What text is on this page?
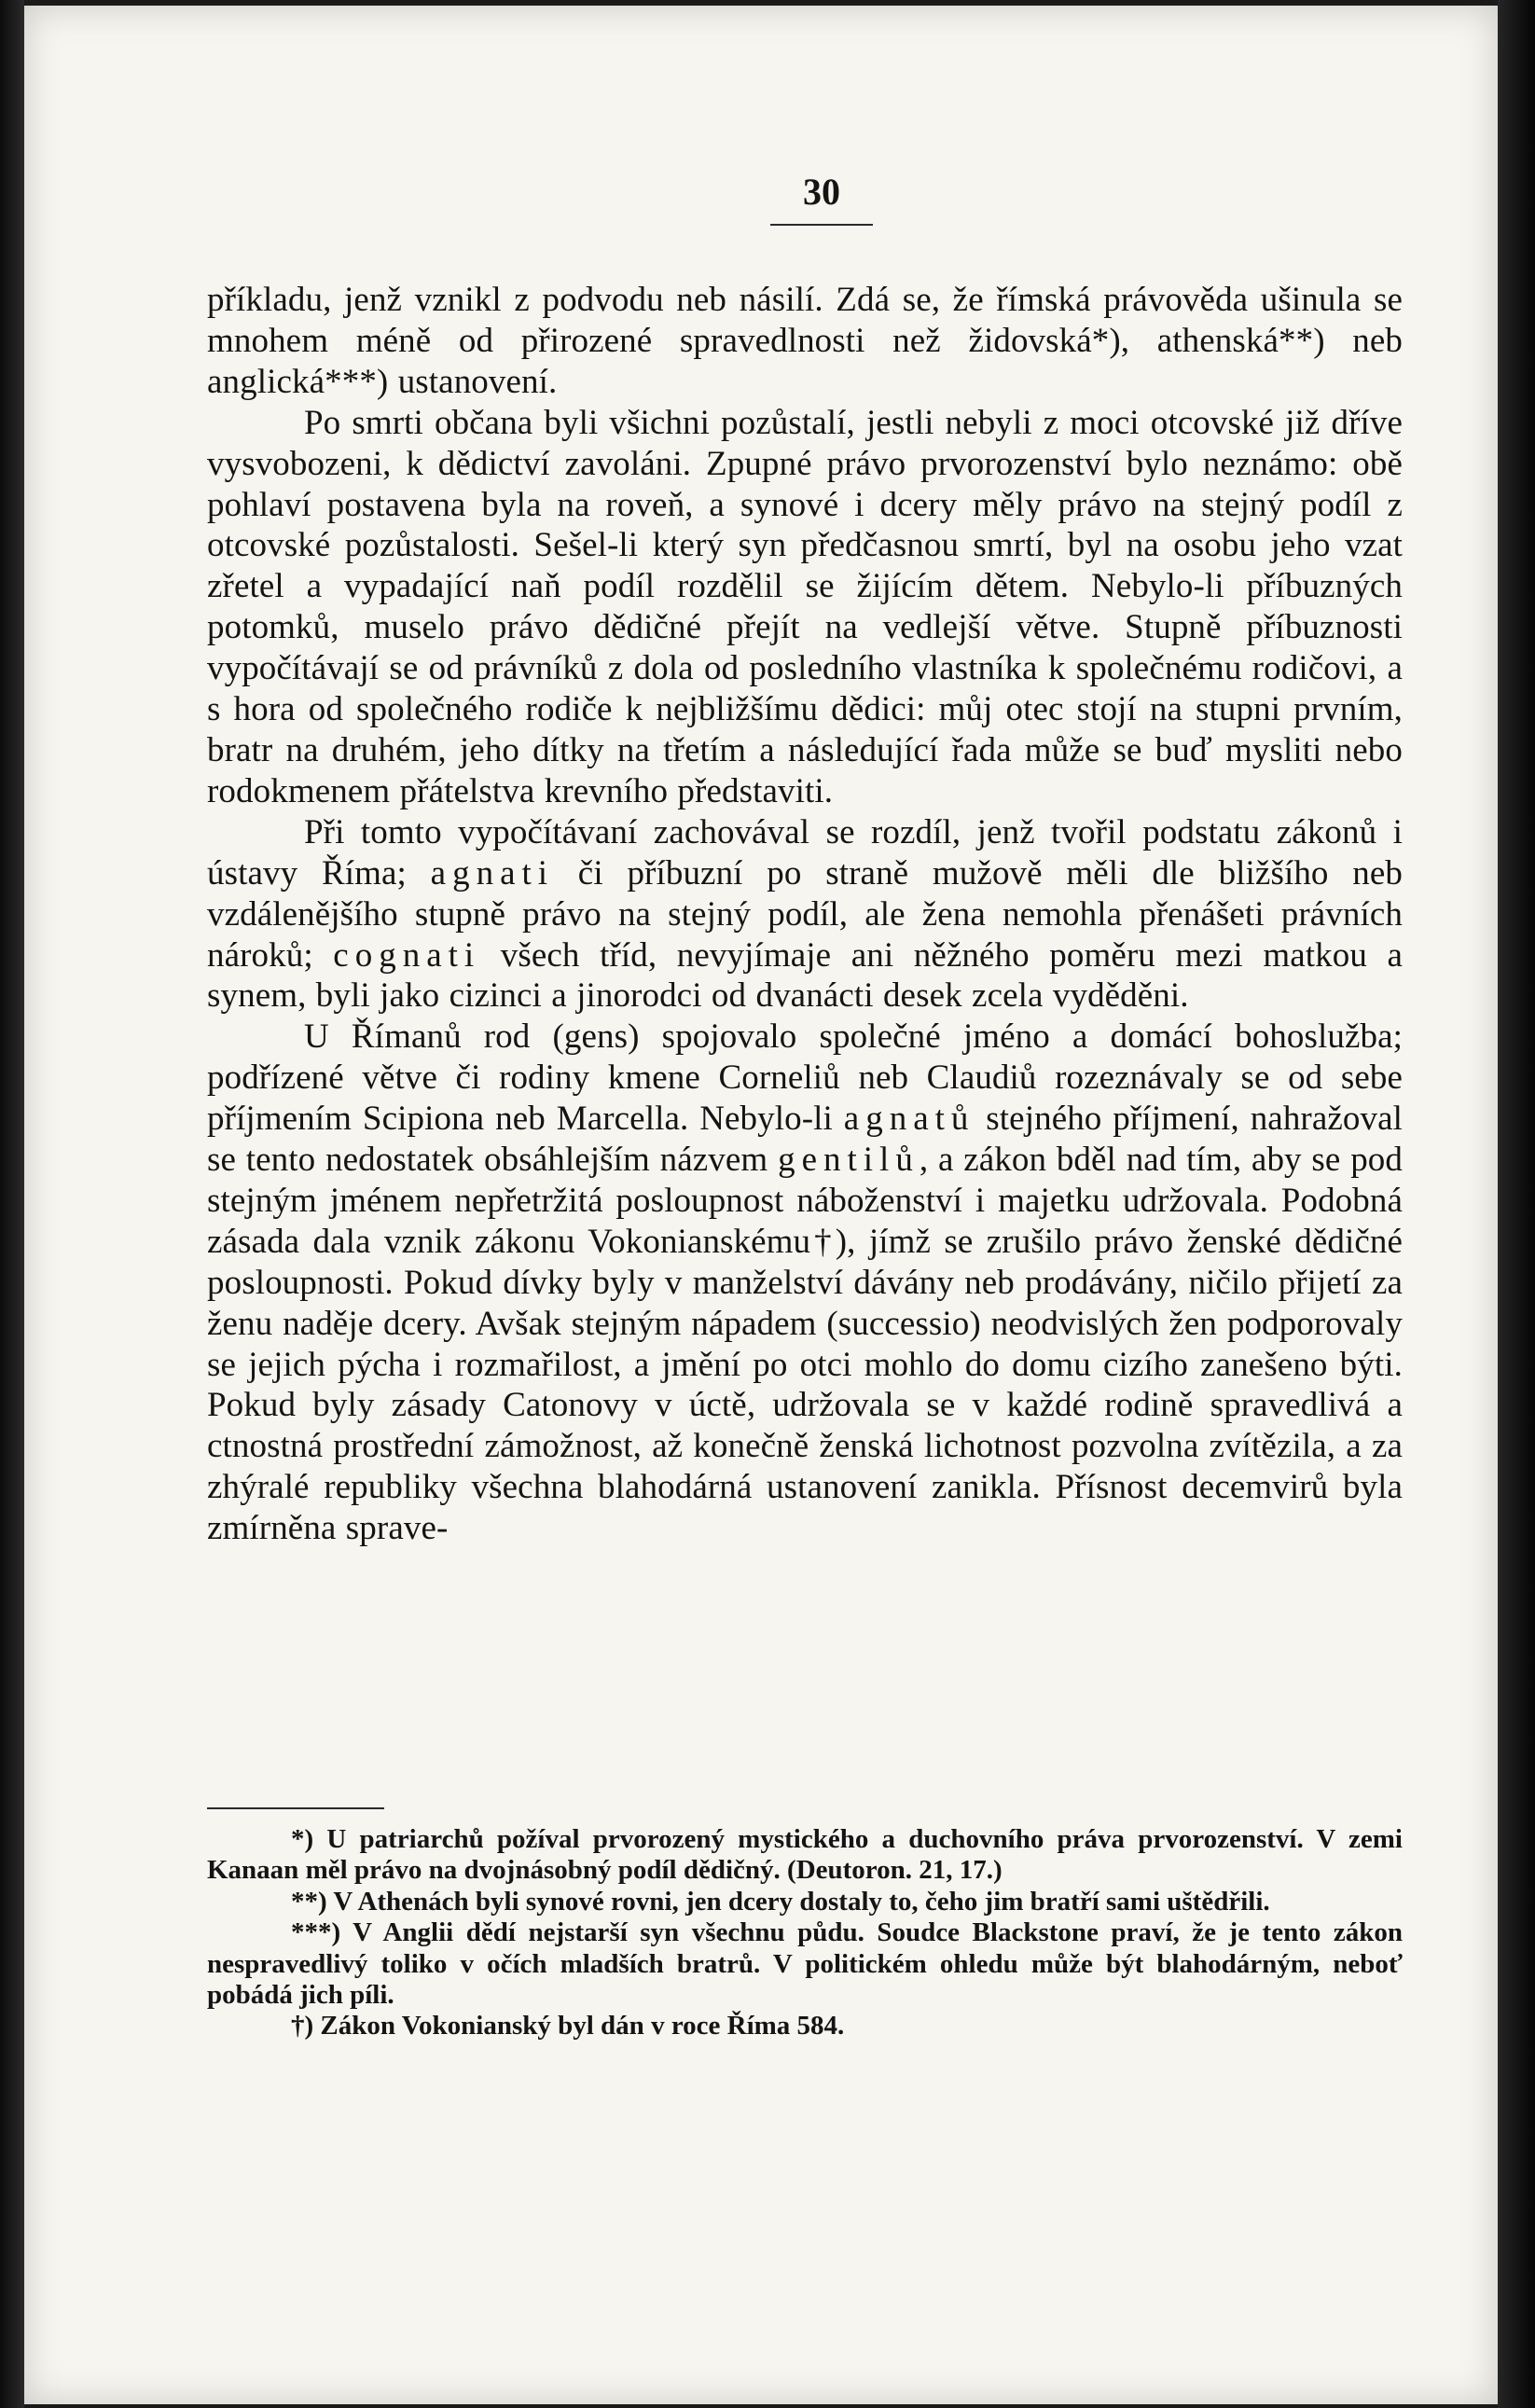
30

příkladu, jenž vznikl z podvodu neb násilí. Zdá se, že římská právověda ušinula se mnohem méně od přirozené spravedlnosti než židovská*), athenská**) neb anglická***) ustanovení.

Po smrti občana byli všichni pozůstalí, jestli nebyli z moci otcovské již dříve vysvobozeni, k dědictví zavoláni. Zpupné právo prvorozenství bylo neznámo: obě pohlaví postavena byla na roveň, a synové i dcery měly právo na stejný podíl z otcovské pozůstalosti. Sešel-li který syn předčasnou smrtí, byl na osobu jeho vzat zřetel a vypadající naň podíl rozdělil se žijícím dětem. Nebylo-li příbuzných potomků, muselo právo dědičné přejít na vedlejší větve. Stupně příbuznosti vypočítávají se od právníků z dola od posledního vlastníka k společnému rodičovi, a s hora od společného rodiče k nejbližšímu dědici: můj otec stojí na stupni prvním, bratr na druhém, jeho dítky na třetím a následující řada může se buď mysliti nebo rodokmenem přátelstva krevního představiti.

Při tomto vypočítávaní zachovával se rozdíl, jenž tvořil podstatu zákonů i ústavy Říma; agnati či příbuzní po straně mužově měli dle bližšího neb vzdálenějšího stupně právo na stejný podíl, ale žena nemohla přenášeti právních nároků; cognati všech tříd, nevyjímaje ani něžného poměru mezi matkou a synem, byli jako cizinci a jinorodci od dvanácti desek zcela vyděděni.

U Římanů rod (gens) spojovalo společné jméno a domácí bohoslužba; podřízené větve či rodiny kmene Corneliů neb Claudiů rozeznávaly se od sebe příjmením Scipiona neb Marcella. Nebylo-li agnatů stejného příjmení, nahražoval se tento nedostatek obsáhlejším názvem gentilů, a zákon bděl nad tím, aby se pod stejným jménem nepřetržitá posloupnost náboženství i majetku udržovala. Podobná zásada dala vznik zákonu Vokonianskému†), jímž se zrušilo právo ženské dědičné posloupnosti. Pokud dívky byly v manželství dávány neb prodávány, ničilo přijetí za ženu naděje dcery. Avšak stejným nápadem (successio) neodvislých žen podporovaly se jejich pýcha i rozmařilost, a jmění po otci mohlo do domu cizího zanešeno býti. Pokud byly zásady Catonovy v úctě, udržovala se v každé rodině spravedlivá a ctnostná prostřední zámožnost, až konečně ženská lichotnost pozvolna zvítězila, a za zhýralé republiky všechna blahodárná ustanovení zanikla. Přísnost decemvirů byla zmírněna sprave-

*) U patriarchů požíval prvorozený mystického a duchovního práva prvorozenství. V zemi Kanaan měl právo na dvojnásobný podíl dědičný. (Deutoron. 21, 17.)

**) V Athenách byli synové rovni, jen dcery dostaly to, čeho jim bratří sami uštědřili.

***) V Anglii dědí nejstarší syn všechnu půdu. Soudce Blackstone praví, že je tento zákon nespravedlivý toliko v očích mladších bratrů. V politickém ohledu může být blahodárným, neboť pobádá jich píli.

†) Zákon Vokonianský byl dán v roce Říma 584.
